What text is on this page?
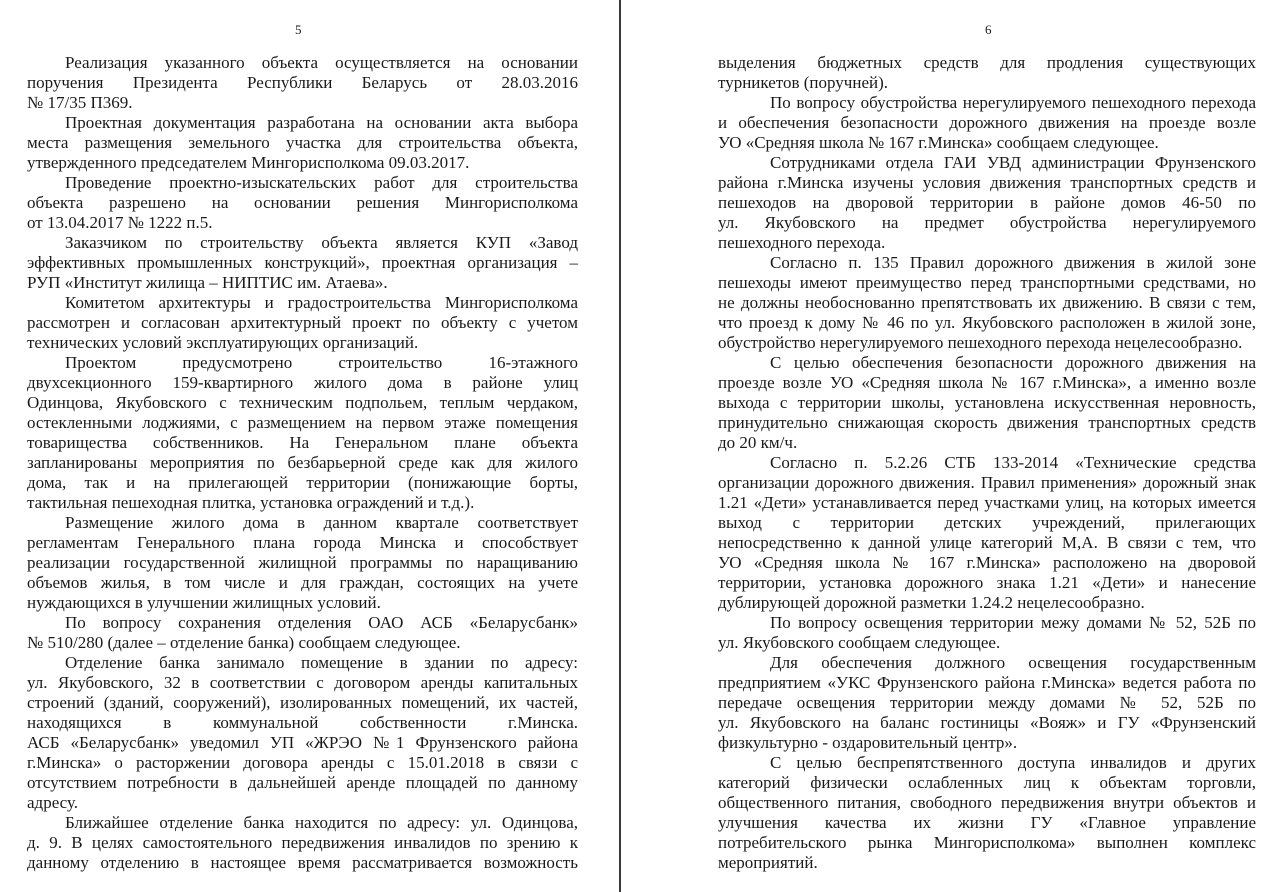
5
Реализация указанного объекта осуществляется на основании
поручения Президента Республики Беларусь от 28.03.2016
№ 17/35 П369.
Проектная документация разработана на основании акта выбора
места размещения земельного участка для строительства объекта,
утвержденного председателем Мингорисполкома 09.03.2017.
Проведение проектно-изыскательских работ для строительства
объекта разрешено на основании решения Мингорисполкома
от 13.04.2017 № 1222 п.5.
Заказчиком по строительству объекта является КУП «Завод
эффективных промышленных конструкций», проектная организация –
РУП «Институт жилища – НИПТИС им. Атаева».
Комитетом архитектуры и градостроительства Мингорисполкома
рассмотрен и согласован архитектурный проект по объекту с учетом
технических условий эксплуатирующих организаций.
Проектом предусмотрено строительство 16-этажного
двухсекционного 159-квартирного жилого дома в районе улиц
Одинцова, Якубовского с техническим подпольем, теплым чердаком,
остекленными лоджиями, с размещением на первом этаже помещения
товарищества собственников. На Генеральном плане объекта
запланированы мероприятия по безбарьерной среде как для жилого
дома, так и на прилегающей территории (понижающие борты,
тактильная пешеходная плитка, установка ограждений и т.д.).
Размещение жилого дома в данном квартале соответствует
регламентам Генерального плана города Минска и способствует
реализации государственной жилищной программы по наращиванию
объемов жилья, в том числе и для граждан, состоящих на учете
нуждающихся в улучшении жилищных условий.
По вопросу сохранения отделения ОАО АСБ «Беларусбанк»
№ 510/280 (далее – отделение банка) сообщаем следующее.
Отделение банка занимало помещение в здании по адресу:
ул. Якубовского, 32 в соответствии с договором аренды капитальных
строений (зданий, сооружений), изолированных помещений, их частей,
находящихся в коммунальной собственности г.Минска.
АСБ «Беларусбанк» уведомил УП «ЖРЭО №1 Фрунзенского района
г.Минска» о расторжении договора аренды с 15.01.2018 в связи с
отсутствием потребности в дальнейшей аренде площадей по данному
адресу.
Ближайшее отделение банка находится по адресу: ул. Одинцова,
д. 9. В целях самостоятельного передвижения инвалидов по зрению к
данному отделению в настоящее время рассматривается возможность
6
выделения бюджетных средств для продления существующих
турникетов (поручней).
По вопросу обустройства нерегулируемого пешеходного перехода
и обеспечения безопасности дорожного движения на проезде возле
УО «Средняя школа № 167 г.Минска» сообщаем следующее.
Сотрудниками отдела ГАИ УВД администрации Фрунзенского
района г.Минска изучены условия движения транспортных средств и
пешеходов на дворовой территории в районе домов 46-50 по
ул. Якубовского на предмет обустройства нерегулируемого
пешеходного перехода.
Согласно п. 135 Правил дорожного движения в жилой зоне
пешеходы имеют преимущество перед транспортными средствами, но
не должны необоснованно препятствовать их движению. В связи с тем,
что проезд к дому № 46 по ул. Якубовского расположен в жилой зоне,
обустройство нерегулируемого пешеходного перехода нецелесообразно.
С целью обеспечения безопасности дорожного движения на
проезде возле УО «Средняя школа № 167 г.Минска», а именно возле
выхода с территории школы, установлена искусственная неровность,
принудительно снижающая скорость движения транспортных средств
до 20 км/ч.
Согласно п. 5.2.26 СТБ 133-2014 «Технические средства
организации дорожного движения. Правил применения» дорожный знак
1.21 «Дети» устанавливается перед участками улиц, на которых имеется
выход с территории детских учреждений, прилегающих
непосредственно к данной улице категорий М,А. В связи с тем, что
УО «Средняя школа № 167 г.Минска» расположено на дворовой
территории, установка дорожного знака 1.21 «Дети» и нанесение
дублирующей дорожной разметки 1.24.2 нецелесообразно.
По вопросу освещения территории межу домами № 52, 52Б по
ул. Якубовского сообщаем следующее.
Для обеспечения должного освещения государственным
предприятием «УКС Фрунзенского района г.Минска» ведется работа по
передаче освещения территории между домами № 52, 52Б по
ул. Якубовского на баланс гостиницы «Вояж» и ГУ «Фрунзенский
физкультурно - оздаровительный центр».
С целью беспрепятственного доступа инвалидов и других
категорий физически ослабленных лиц к объектам торговли,
общественного питания, свободного передвижения внутри объектов и
улучшения качества их жизни ГУ «Главное управление
потребительского рынка Мингорисполкома» выполнен комплекс
мероприятий.
